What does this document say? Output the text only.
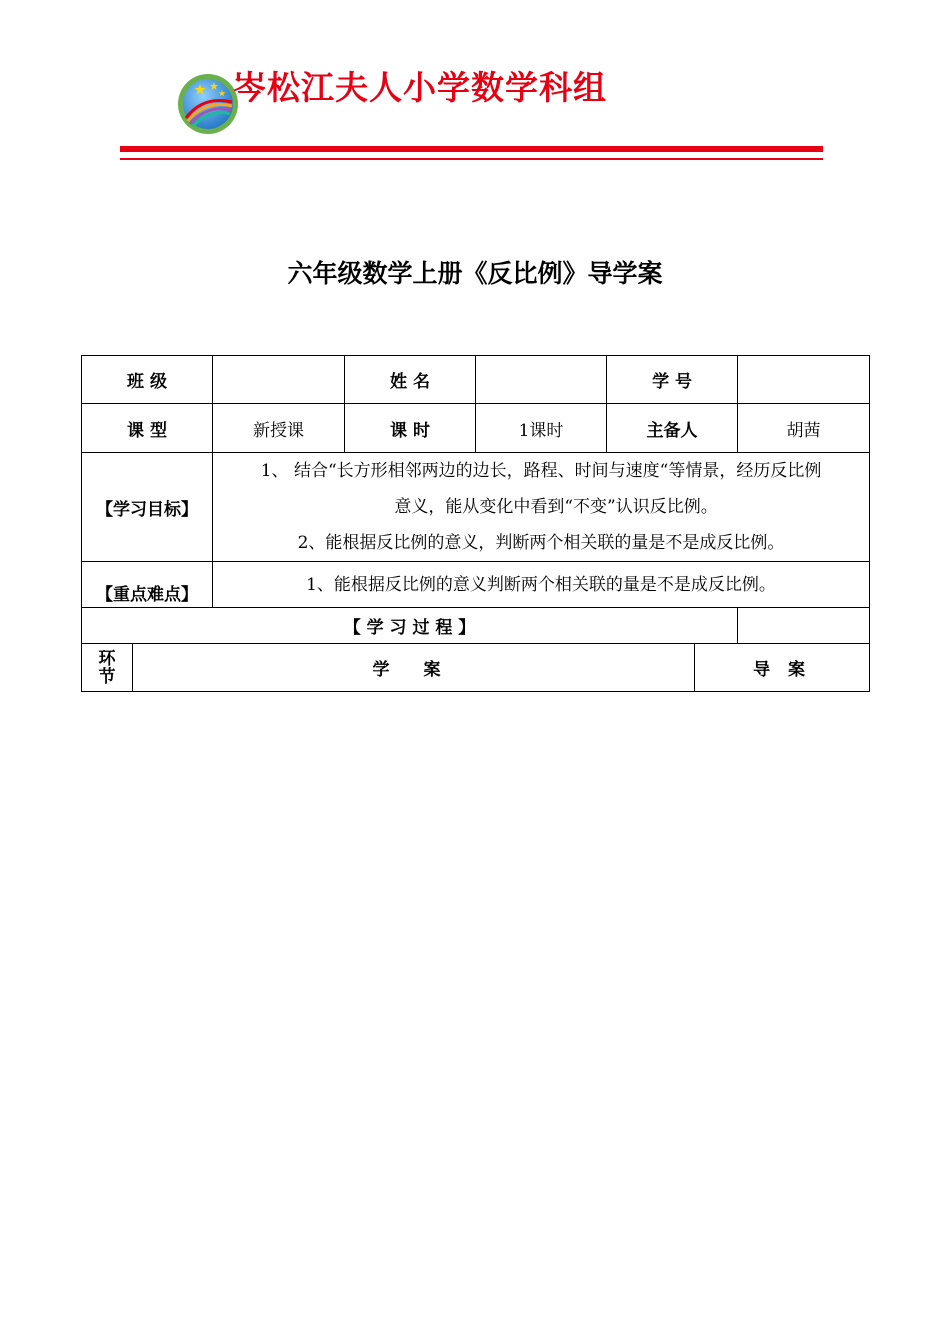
岑松江夫人小学数学科组
六年级数学上册《反比例》导学案
班 级			姓 名		学 号		
课 型		新授课	课 时	1课时	主备人		胡茜
【学习目标】		1、 结合“长方形相邻两边的边长，路程、时间与速度“等情景，经历反比例
意义，能从变化中看到“不变”认识反比例。
2、能根据反比例的意义，判断两个相关联的量是不是成反比例。					
【重点难点】		1、能根据反比例的意义判断两个相关联的量是不是成反比例。					
【 学 习 过 程 】							
环节	学 案					导 案	
